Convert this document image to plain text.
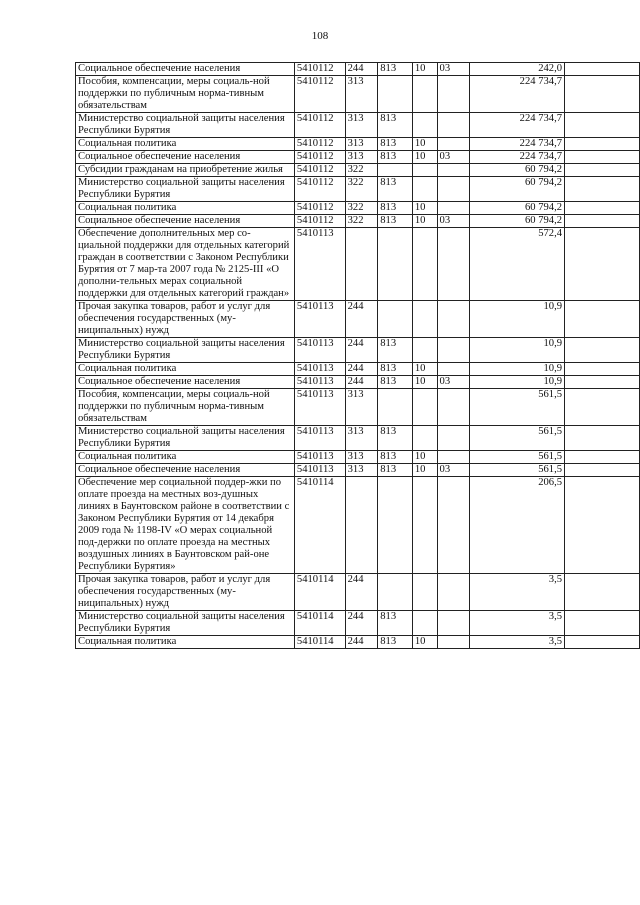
108
Социальное обеспечение населения	5410112	244	813	10	03	242,0	
Пособия, компенсации, меры социаль-ной поддержки по публичным норма-тивным обязательствам	5410112	313				224 734,7	
Министерство социальной защиты населения Республики Бурятия	5410112	313	813			224 734,7	
Социальная политика	5410112	313	813	10		224 734,7	
Социальное обеспечение населения	5410112	313	813	10	03	224 734,7	
Субсидии гражданам на приобретение жилья	5410112	322				60 794,2	
Министерство социальной защиты населения Республики Бурятия	5410112	322	813			60 794,2	
Социальная политика	5410112	322	813	10		60 794,2	
Социальное обеспечение населения	5410112	322	813	10	03	60 794,2	
Обеспечение дополнительных мер со-циальной поддержки для отдельных категорий граждан в соответствии с Законом Республики Бурятия от 7 мар-та 2007 года № 2125-III «О дополни-тельных мерах социальной поддержки для отдельных категорий граждан»	5410113					572,4	
Прочая закупка товаров, работ и услуг для обеспечения государственных (му-ниципальных) нужд	5410113	244				10,9	
Министерство социальной защиты населения Республики Бурятия	5410113	244	813			10,9	
Социальная политика	5410113	244	813	10		10,9	
Социальное обеспечение населения	5410113	244	813	10	03	10,9	
Пособия, компенсации, меры социаль-ной поддержки по публичным норма-тивным обязательствам	5410113	313				561,5	
Министерство социальной защиты населения Республики Бурятия	5410113	313	813			561,5	
Социальная политика	5410113	313	813	10		561,5	
Социальное обеспечение населения	5410113	313	813	10	03	561,5	
Обеспечение мер социальной поддер-жки по оплате проезда на местных воз-душных линиях в Баунтовском районе в соответствии с Законом Республики Бурятия от 14 декабря 2009 года № 1198-IV «О мерах социальной под-держки по оплате проезда на местных воздушных линиях в Баунтовском рай-оне Республики Бурятия»	5410114					206,5	
Прочая закупка товаров, работ и услуг для обеспечения государственных (му-ниципальных) нужд	5410114	244				3,5	
Министерство социальной защиты населения Республики Бурятия	5410114	244	813			3,5	
Социальная политика	5410114	244	813	10		3,5	
